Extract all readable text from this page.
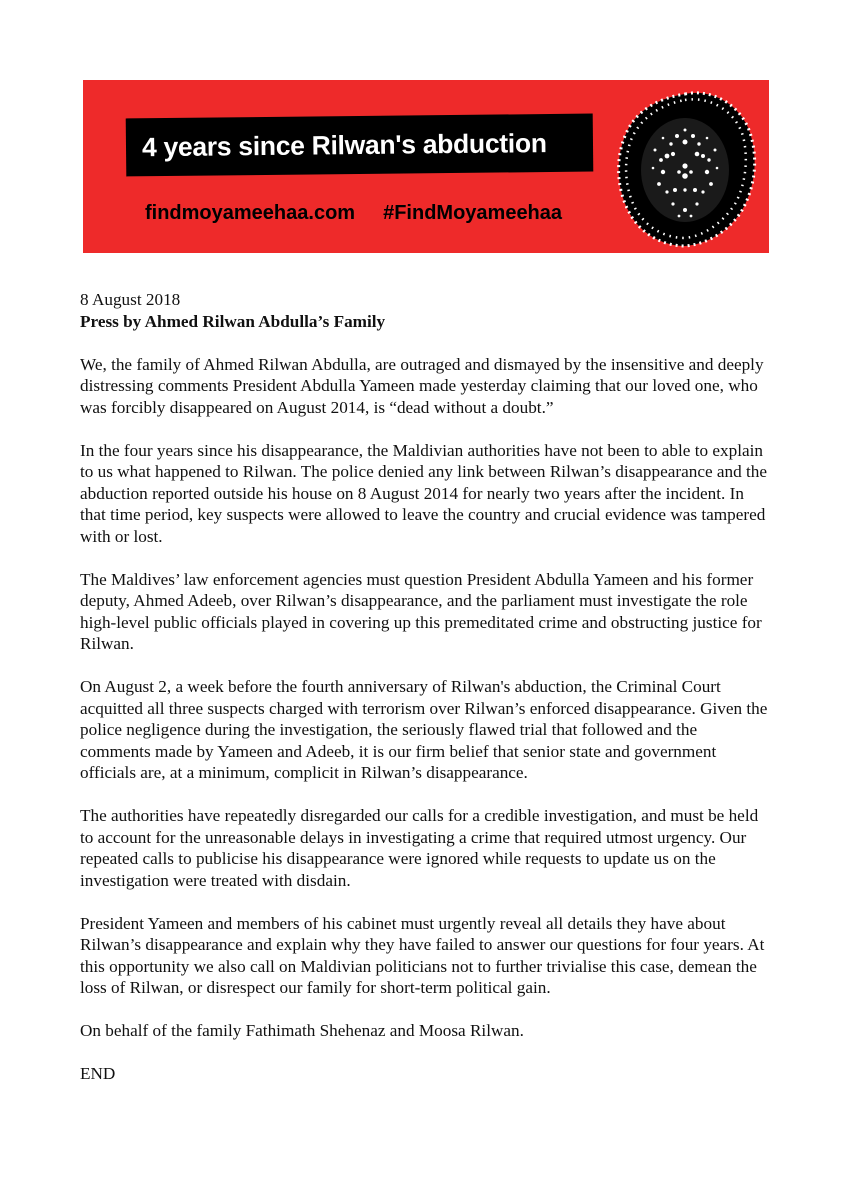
4 years since Rilwan's abduction
findmoyameehaa.com #FindMoyameehaa

8 August 2018

Press by Ahmed Rilwan Abdulla’s Family

We, the family of Ahmed Rilwan Abdulla, are outraged and dismayed by the insensitive and deeply distressing comments President Abdulla Yameen made yesterday claiming that our loved one, who was forcibly disappeared on August 2014, is “dead without a doubt.”

In the four years since his disappearance, the Maldivian authorities have not been to able to explain to us what happened to Rilwan. The police denied any link between Rilwan’s disappearance and the abduction reported outside his house on 8 August 2014 for nearly two years after the incident. In that time period, key suspects were allowed to leave the country and crucial evidence was tampered with or lost.

The Maldives’ law enforcement agencies must question President Abdulla Yameen and his former deputy, Ahmed Adeeb, over Rilwan’s disappearance, and the parliament must investigate the role high-level public officials played in covering up this premeditated crime and obstructing justice for Rilwan.

On August 2, a week before the fourth anniversary of Rilwan's abduction, the Criminal Court acquitted all three suspects charged with terrorism over Rilwan’s enforced disappearance. Given the police negligence during the investigation, the seriously flawed trial that followed and the comments made by Yameen and Adeeb, it is our firm belief that senior state and government officials are, at a minimum, complicit in Rilwan’s disappearance.

The authorities have repeatedly disregarded our calls for a credible investigation, and must be held to account for the unreasonable delays in investigating a crime that required utmost urgency. Our repeated calls to publicise his disappearance were ignored while requests to update us on the investigation were treated with disdain.

President Yameen and members of his cabinet must urgently reveal all details they have about Rilwan’s disappearance and explain why they have failed to answer our questions for four years. At this opportunity we also call on Maldivian politicians not to further trivialise this case, demean the loss of Rilwan, or disrespect our family for short-term political gain.

On behalf of the family Fathimath Shehenaz and Moosa Rilwan.

END
